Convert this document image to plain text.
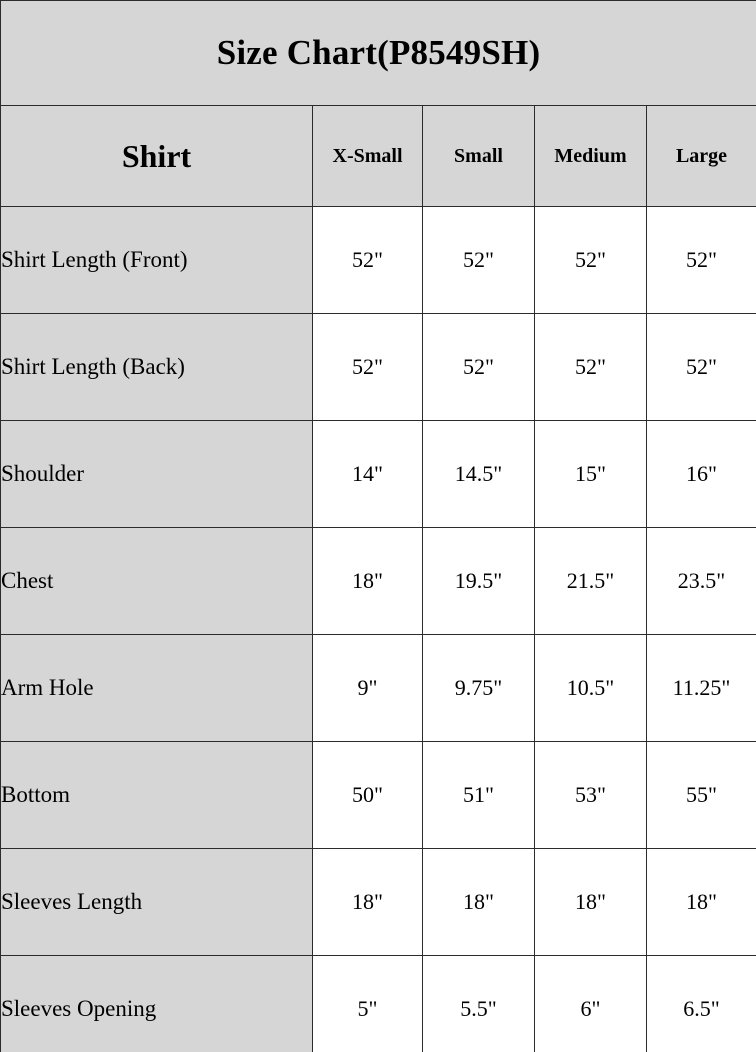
Size Chart(P8549SH)				
Shirt	X-Small	Small	Medium	Large
Shirt Length (Front)	52"	52"	52"	52"
Shirt Length (Back)	52"	52"	52"	52"
Shoulder	14"	14.5"	15"	16"
Chest	18"	19.5"	21.5"	23.5"
Arm Hole	9"	9.75"	10.5"	11.25"
Bottom	50"	51"	53"	55"
Sleeves Length	18"	18"	18"	18"
Sleeves Opening	5"	5.5"	6"	6.5"
